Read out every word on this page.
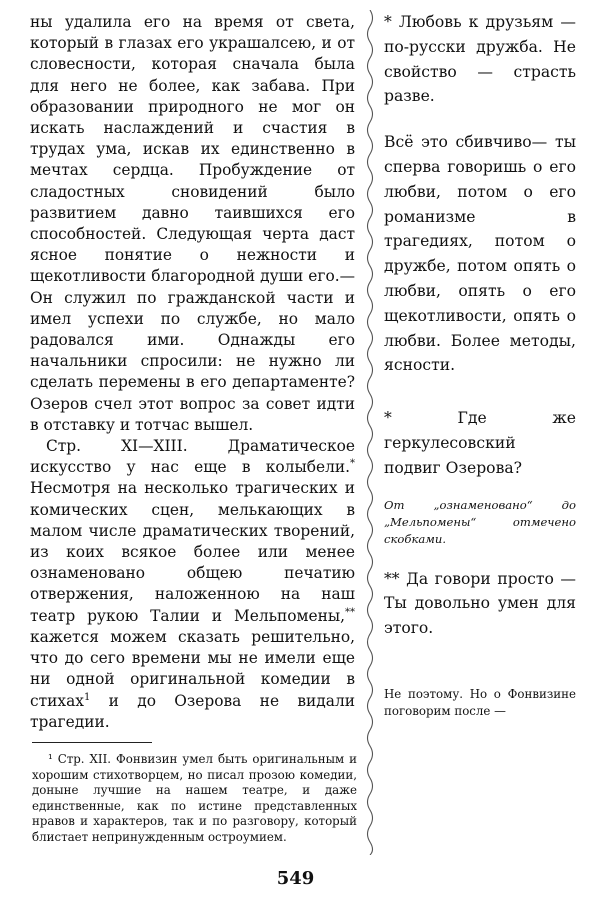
ны удалила его на время от света, который в глазах его украшалсею, и от словесности, которая сначала была для него не более, как забава. При образовании природного не мог он искать наслаждений и счастия в трудах ума, искав их единственно в мечтах сердца. Пробуждение от сладостных сновидений было развитием давно таившихся его способностей. Следующая черта даст ясное понятие о нежности и щекотливости благородной души его.—Он служил по гражданской части и имел успехи по службе, но мало радовался ими. Однажды его начальники спросили: не нужно ли сделать перемены в его департаменте? Озеров счел этот вопрос за совет идти в отставку и тотчас вышел.

Стр. XI—XIII. Драматическое искусство у нас еще в колыбели.* Несмотря на несколько трагических и комических сцен, мелькающих в малом числе драматических творений, из коих всякое более или менее ознаменовано общею печатию отвержения, наложенною на наш театр рукою Талии и Мельпомены,** кажется можем сказать решительно, что до сего времени мы не имели еще ни одной оригинальной комедии в стихах$^1$ и до Озерова не видали трагедии.

* Любовь к друзьям — по-русски дружба. Не свойство — страсть разве.

Всё это сбивчиво— ты сперва говоришь о его любви, потом о его романизме в трагедиях, потом о дружбе, потом опять о любви, опять о его щекотливости, опять о любви. Более методы, ясности.

* Где же геркулесовский подвиг Озерова?

От „ознаменовано“ до „Мельпомены“ отмечено скобками.

** Да говори просто — Ты довольно умен для этого.

Не поэтому. Но о Фонвизине поговорим после —

¹ Стр. XII. Фонвизин умел быть оригинальным и хорошим стихотворцем, но писал прозою комедии, доныне лучшие на нашем театре, и даже единственные, как по истине представленных нравов и характеров, так и по разговору, который блистает непринужденным остроумием.

549
